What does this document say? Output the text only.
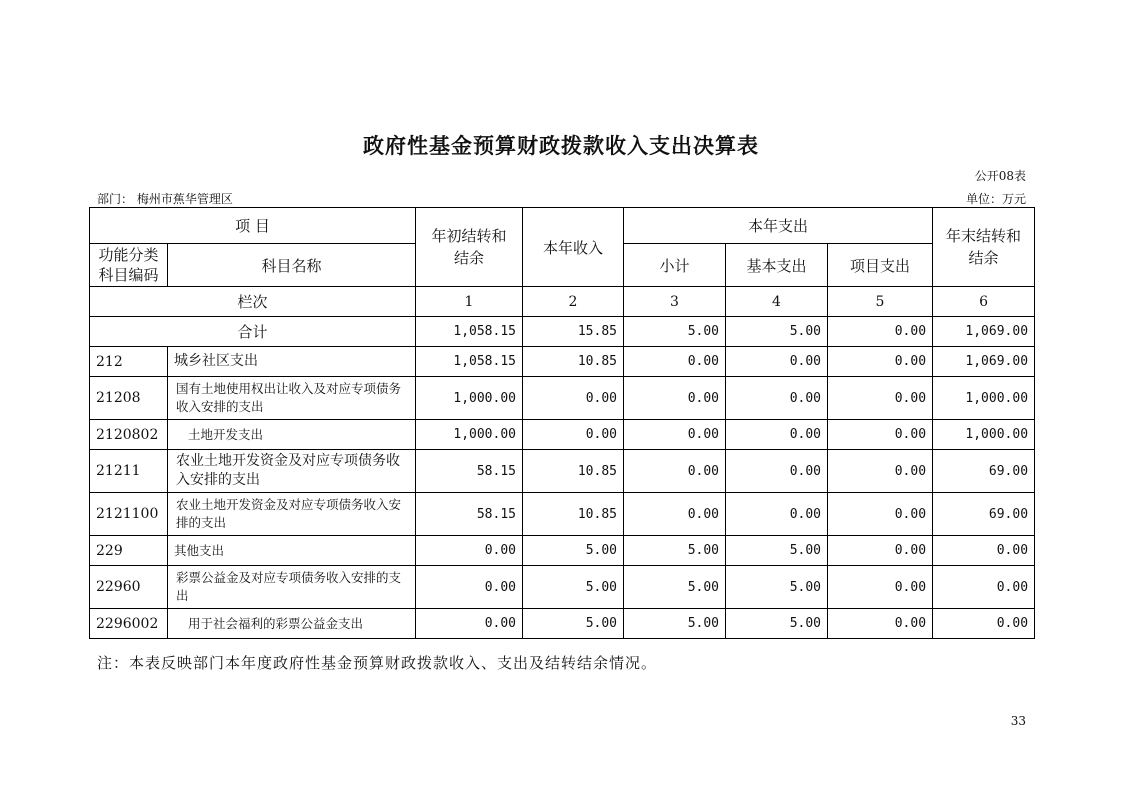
政府性基金预算财政拨款收入支出决算表
公开08表
部门： 梅州市蕉华管理区	单位：万元
项 目		年初结转和结余	本年收入	本年支出			年末结转和结余
功能分类科目编码	科目名称			小计	基本支出	项目支出	
栏次		1	2	3	4	5	6
合计		1,058.15	15.85	5.00	5.00	0.00	1,069.00
212	城乡社区支出	1,058.15	10.85	0.00	0.00	0.00	1,069.00
21208	国有土地使用权出让收入及对应专项债务收入安排的支出	1,000.00	0.00	0.00	0.00	0.00	1,000.00
2120802	土地开发支出	1,000.00	0.00	0.00	0.00	0.00	1,000.00
21211	农业土地开发资金及对应专项债务收入安排的支出	58.15	10.85	0.00	0.00	0.00	69.00
2121100	农业土地开发资金及对应专项债务收入安排的支出	58.15	10.85	0.00	0.00	0.00	69.00
229	其他支出	0.00	5.00	5.00	5.00	0.00	0.00
22960	彩票公益金及对应专项债务收入安排的支出	0.00	5.00	5.00	5.00	0.00	0.00
2296002	用于社会福利的彩票公益金支出	0.00	5.00	5.00	5.00	0.00	0.00
注：本表反映部门本年度政府性基金预算财政拨款收入、支出及结转结余情况。
33
